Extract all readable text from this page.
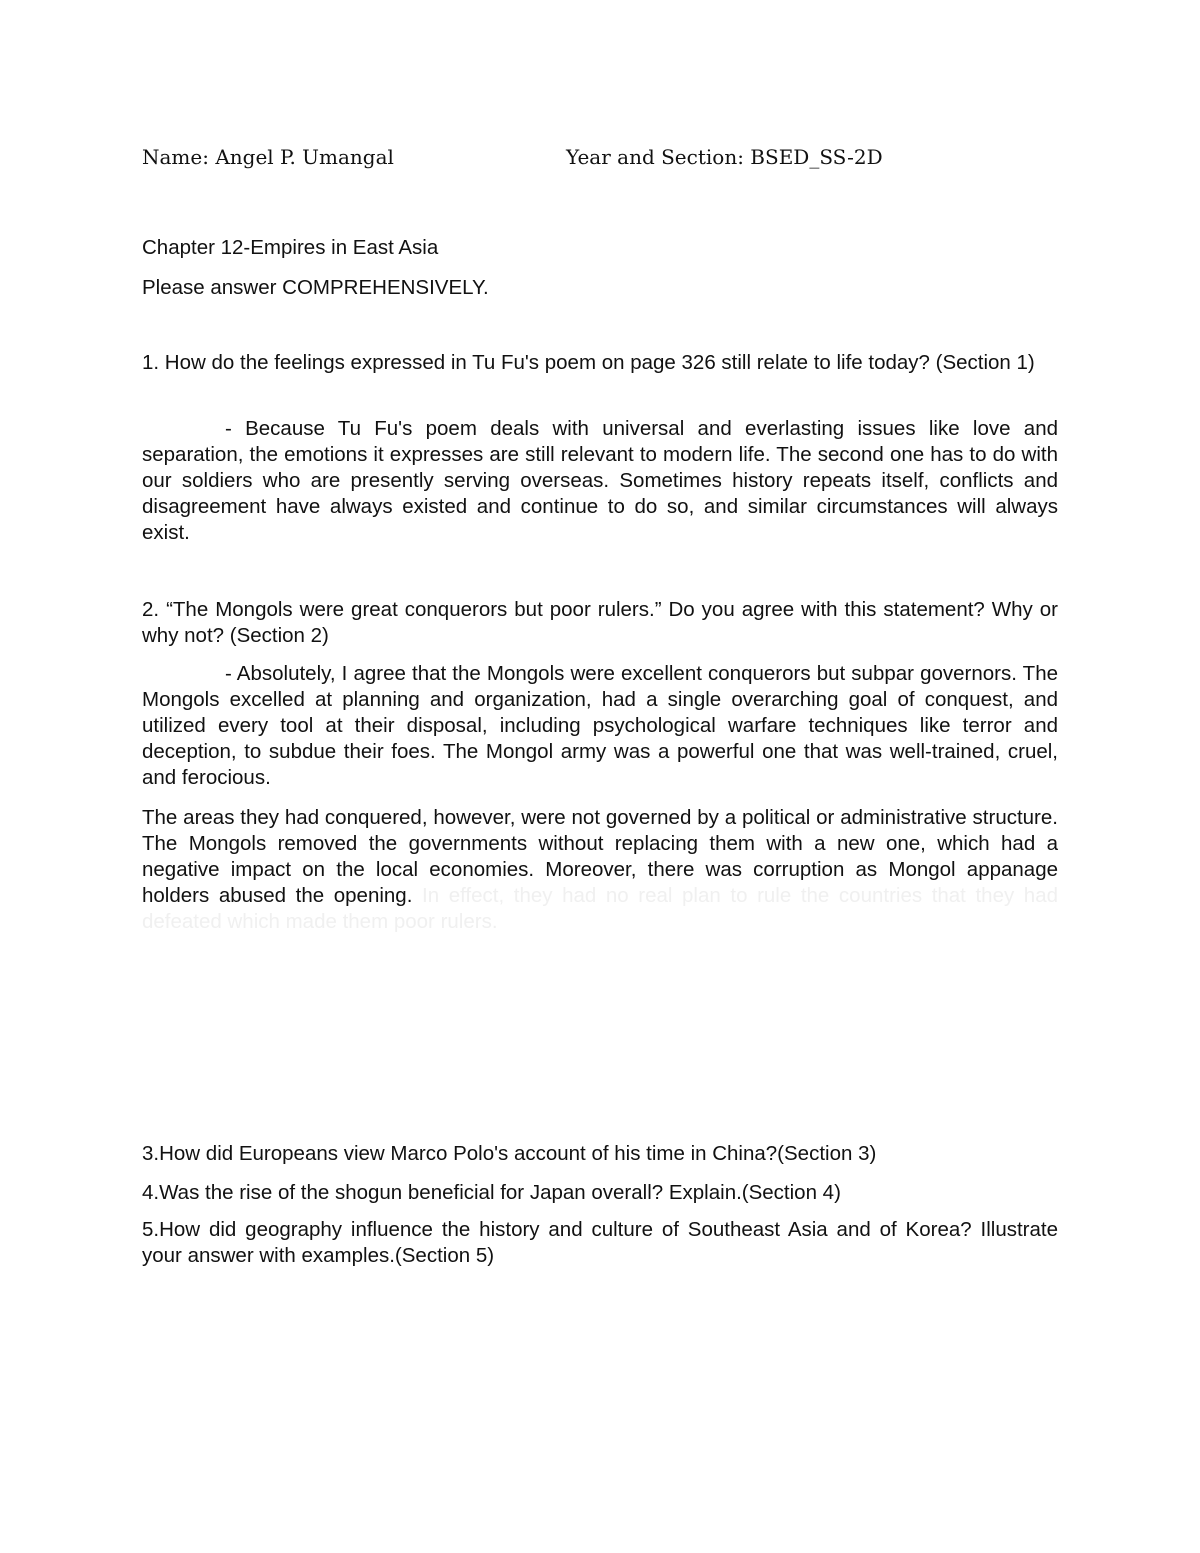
Name: Angel P. Umangal	Year and Section: BSED_SS-2D

Chapter 12-Empires in East Asia

Please answer COMPREHENSIVELY.

1. How do the feelings expressed in Tu Fu's poem on page 326 still relate to life today? (Section 1)

- Because Tu Fu's poem deals with universal and everlasting issues like love and separation, the emotions it expresses are still relevant to modern life. The second one has to do with our soldiers who are presently serving overseas. Sometimes history repeats itself, conflicts and disagreement have always existed and continue to do so, and similar circumstances will always exist.

2. “The Mongols were great conquerors but poor rulers.” Do you agree with this statement? Why or why not? (Section 2)

- Absolutely, I agree that the Mongols were excellent conquerors but subpar governors. The Mongols excelled at planning and organization, had a single overarching goal of conquest, and utilized every tool at their disposal, including psychological warfare techniques like terror and deception, to subdue their foes. The Mongol army was a powerful one that was well-trained, cruel, and ferocious.

The areas they had conquered, however, were not governed by a political or administrative structure. The Mongols removed the governments without replacing them with a new one, which had a negative impact on the local economies. Moreover, there was corruption as Mongol appanage holders abused the opening. In effect, they had no real plan to rule the countries that they had defeated which made them poor rulers.

3.How did Europeans view Marco Polo's account of his time in China?(Section 3)

4.Was the rise of the shogun beneficial for Japan overall? Explain.(Section 4)

5.How did geography influence the history and culture of Southeast Asia and of Korea? Illustrate your answer with examples.(Section 5)
